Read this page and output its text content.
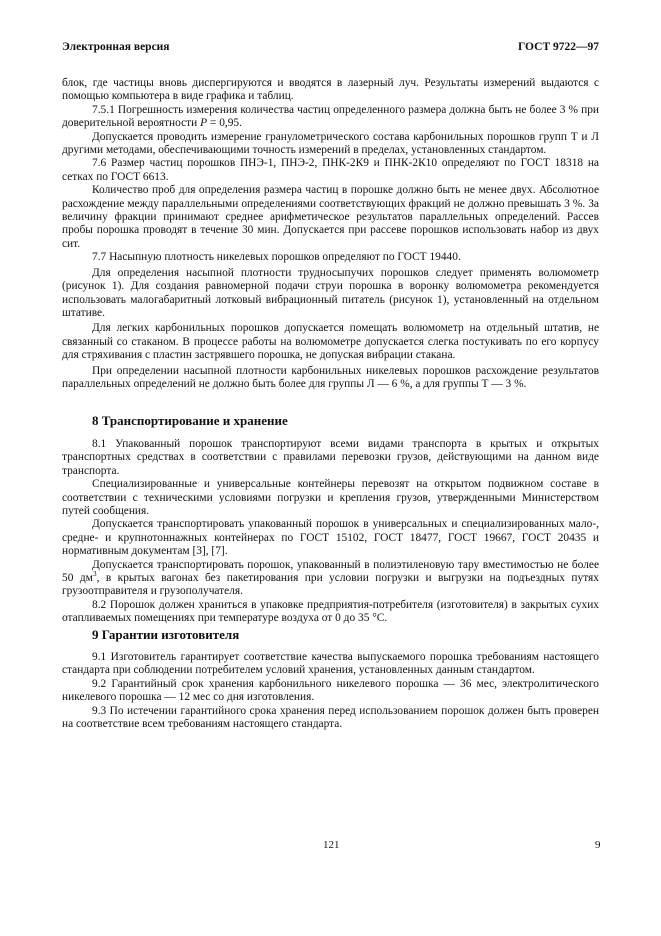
Электронная версия	ГОСТ 9722—97

блок, где частицы вновь диспергируются и вводятся в лазерный луч. Результаты измерений выдаются с помощью компьютера в виде графика и таблиц.

7.5.1 Погрешность измерения количества частиц определенного размера должна быть не более 3 % при доверительной вероятности P = 0,95.

Допускается проводить измерение гранулометрического состава карбонильных порошков групп Т и Л другими методами, обеспечивающими точность измерений в пределах, установленных стандартом.

7.6 Размер частиц порошков ПНЭ-1, ПНЭ-2, ПНК-2К9 и ПНК-2К10 определяют по ГОСТ 18318 на сетках по ГОСТ 6613.

Количество проб для определения размера частиц в порошке должно быть не менее двух. Абсолютное расхождение между параллельными определениями соответствующих фракций не должно превышать 3 %. За величину фракции принимают среднее арифметическое результатов параллельных определений. Рассев пробы порошка проводят в течение 30 мин. Допускается при рассеве порошков использовать набор из двух сит.

7.7 Насыпную плотность никелевых порошков определяют по ГОСТ 19440.

Для определения насыпной плотности трудносыпучих порошков следует применять волюмометр (рисунок 1). Для создания равномерной подачи струи порошка в воронку волюмометра рекомендуется использовать малогабаритный лотковый вибрационный питатель (рисунок 1), установленный на отдельном штативе.

Для легких карбонильных порошков допускается помещать волюмометр на отдельный штатив, не связанный со стаканом. В процессе работы на волюмометре допускается слегка постукивать по его корпусу для стряхивания с пластин застрявшего порошка, не допуская вибрации стакана.

При определении насыпной плотности карбонильных никелевых порошков расхождение результатов параллельных определений не должно быть более для группы Л — 6 %, а для группы Т — 3 %.

8 Транспортирование и хранение

8.1 Упакованный порошок транспортируют всеми видами транспорта в крытых и открытых транспортных средствах в соответствии с правилами перевозки грузов, действующими на данном виде транспорта.

Специализированные и универсальные контейнеры перевозят на открытом подвижном составе в соответствии с техническими условиями погрузки и крепления грузов, утвержденными Министерством путей сообщения.

Допускается транспортировать упакованный порошок в универсальных и специализированных мало-, средне- и крупнотоннажных контейнерах по ГОСТ 15102, ГОСТ 18477, ГОСТ 19667, ГОСТ 20435 и нормативным документам [3], [7].

Допускается транспортировать порошок, упакованный в полиэтиленовую тару вместимостью не более 50 $дм^3$, в крытых вагонах без пакетирования при условии погрузки и выгрузки на подъездных путях грузоотправителя и грузополучателя.

8.2 Порошок должен храниться в упаковке предприятия-потребителя (изготовителя) в закрытых сухих отапливаемых помещениях при температуре воздуха от 0 до 35 °С.

9 Гарантии изготовителя

9.1 Изготовитель гарантирует соответствие качества выпускаемого порошка требованиям настоящего стандарта при соблюдении потребителем условий хранения, установленных данным стандартом.

9.2 Гарантийный срок хранения карбонильного никелевого порошка — 36 мес, электролитического никелевого порошка — 12 мес со дня изготовления.

9.3 По истечении гарантийного срока хранения перед использованием порошок должен быть проверен на соответствие всем требованиям настоящего стандарта.

121	9
